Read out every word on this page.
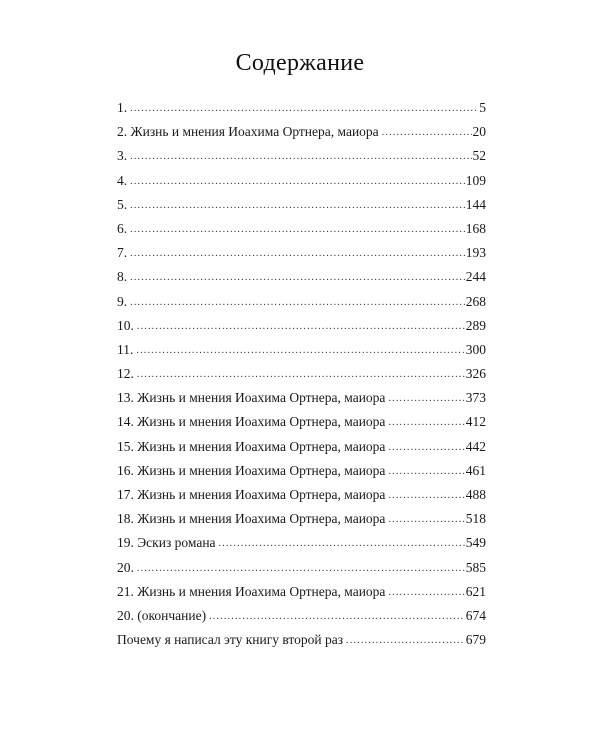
Содержание
1. .....	5
2. Жизнь и мнения Иоахима Ортнера, маиора .....	20
3. .....	52
4. .....	109
5. .....	144
6. .....	168
7. .....	193
8. .....	244
9. .....	268
10. .....	289
11. .....	300
12. .....	326
13. Жизнь и мнения Иоахима Ортнера, маиора .....	373
14. Жизнь и мнения Иоахима Ортнера, маиора .....	412
15. Жизнь и мнения Иоахима Ортнера, маиора .....	442
16. Жизнь и мнения Иоахима Ортнера, маиора .....	461
17. Жизнь и мнения Иоахима Ортнера, маиора .....	488
18. Жизнь и мнения Иоахима Ортнера, маиора .....	518
19. Эскиз романа .....	549
20. .....	585
21. Жизнь и мнения Иоахима Ортнера, маиора .....	621
20. (окончание) .....	674
Почему я написал эту книгу второй раз .....	679
